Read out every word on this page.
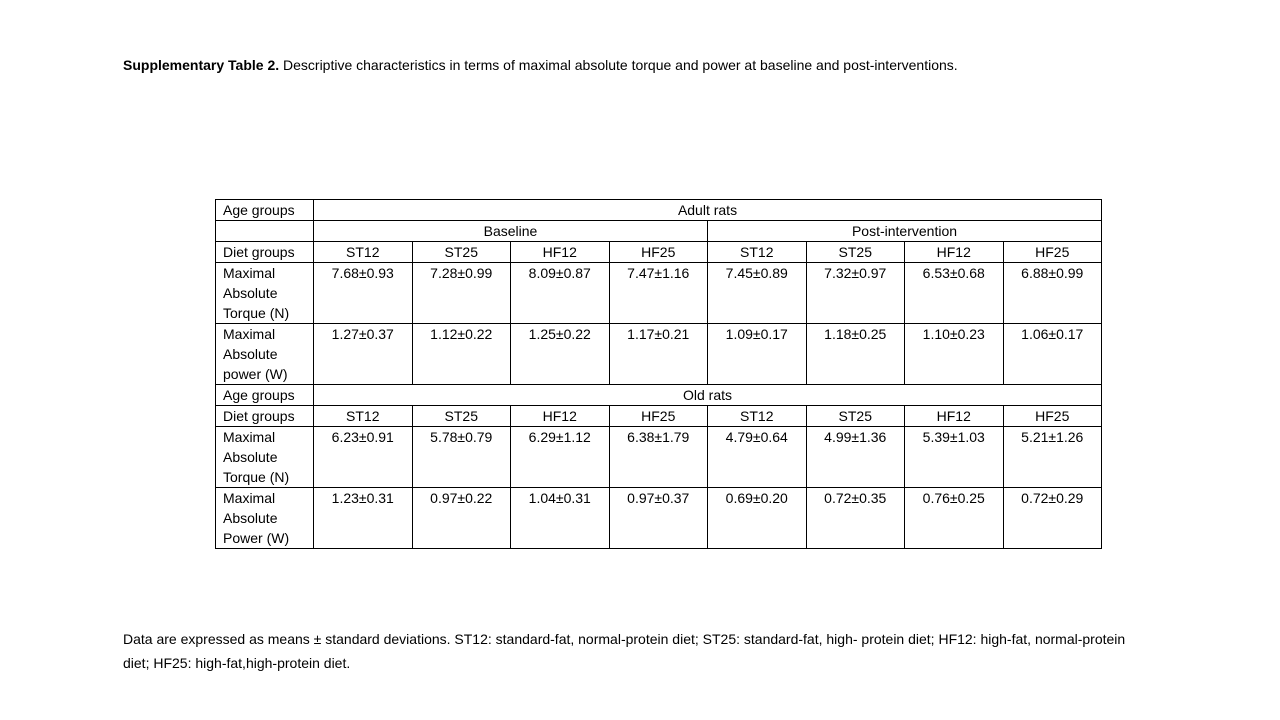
Supplementary Table 2. Descriptive characteristics in terms of maximal absolute torque and power at baseline and post-interventions.
Age groups	Adult rats							
	Baseline				Post-intervention			
Diet groups	ST12	ST25	HF12	HF25	ST12	ST25	HF12	HF25
Maximal Absolute Torque (N)	7.68±0.93	7.28±0.99	8.09±0.87	7.47±1.16	7.45±0.89	7.32±0.97	6.53±0.68	6.88±0.99
Maximal Absolute power (W)	1.27±0.37	1.12±0.22	1.25±0.22	1.17±0.21	1.09±0.17	1.18±0.25	1.10±0.23	1.06±0.17
Age groups	Old rats							
Diet groups	ST12	ST25	HF12	HF25	ST12	ST25	HF12	HF25
Maximal Absolute Torque (N)	6.23±0.91	5.78±0.79	6.29±1.12	6.38±1.79	4.79±0.64	4.99±1.36	5.39±1.03	5.21±1.26
Maximal Absolute Power (W)	1.23±0.31	0.97±0.22	1.04±0.31	0.97±0.37	0.69±0.20	0.72±0.35	0.76±0.25	0.72±0.29
Data are expressed as means ± standard deviations. ST12: standard-fat, normal-protein diet; ST25: standard-fat, high- protein diet; HF12: high-fat, normal-protein diet; HF25: high-fat,high-protein diet.
